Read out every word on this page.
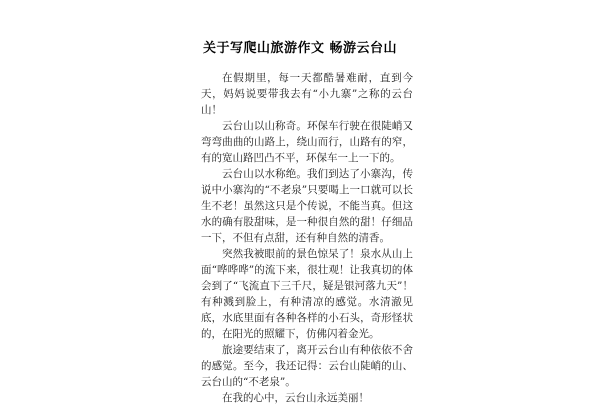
关于写爬山旅游作文 畅游云台山

在假期里，每一天都酷暑难耐，直到今天，妈妈说要带我去有“小九寨”之称的云台山！

云台山以山称奇。环保车行驶在很陡峭又弯弯曲曲的山路上，绕山而行，山路有的窄，有的宽山路凹凸不平，环保车一上一下的。

云台山以水称绝。我们到达了小寨沟，传说中小寨沟的“不老泉”只要喝上一口就可以长生不老！虽然这只是个传说，不能当真。但这水的确有股甜味，是一种很自然的甜！仔细品一下，不但有点甜，还有种自然的清香。

突然我被眼前的景色惊呆了！泉水从山上面“哗哗哗”的流下来，很壮观！让我真切的体会到了“飞流直下三千尺，疑是银河落九天”！有种溅到脸上，有种清凉的感觉。水清澈见底，水底里面有各种各样的小石头，奇形怪状的，在阳光的照耀下，仿佛闪着金光。

旅途要结束了，离开云台山有种依依不舍的感觉。至今，我还记得：云台山陡峭的山、云台山的“不老泉”。

在我的心中，云台山永远美丽！
